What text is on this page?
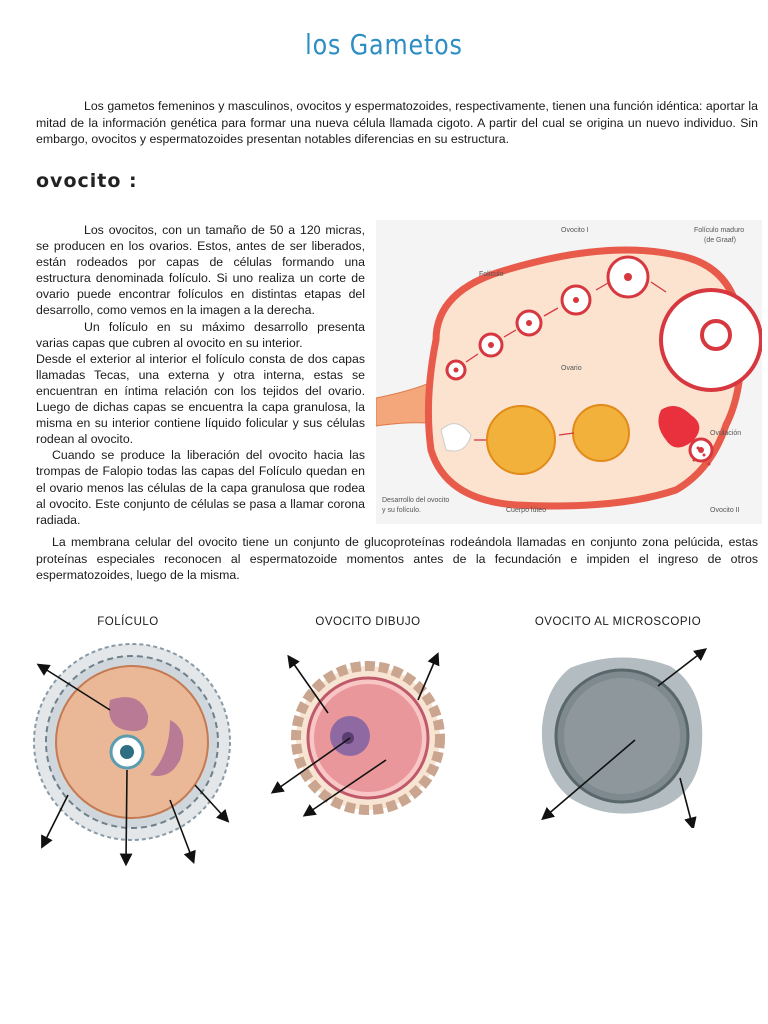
los Gametos

Los gametos femeninos y masculinos, ovocitos y espermatozoides, respectivamente, tienen una función idéntica: aportar la mitad de la información genética para formar una nueva célula llamada cigoto. A partir del cual se origina un nuevo individuo. Sin embargo, ovocitos y espermatozoides presentan notables diferencias en su estructura.

ovocito :

Los ovocitos, con un tamaño de 50 a 120 micras, se producen en los ovarios. Estos, antes de ser liberados, están rodeados por capas de células formando una estructura denominada folículo. Si uno realiza un corte de ovario puede encontrar folículos en distintas etapas del desarrollo, como vemos en la imagen a la derecha.

Un folículo en su máximo desarrollo presenta varias capas que cubren al ovocito en su interior.

Desde el exterior al interior el folículo consta de dos capas llamadas Tecas, una externa y otra interna, estas se encuentran en íntima relación con los tejidos del ovario. Luego de dichas capas se encuentra la capa granulosa, la misma en su interior contiene líquido folicular y sus células rodean al ovocito.

Cuando se produce la liberación del ovocito hacia las trompas de Falopio todas las capas del Folículo quedan en el ovario menos las células de la capa granulosa que rodea al ovocito. Este conjunto de células se pasa a llamar corona radiada.

Ovocito I	Folículo maduro
(de Graaf)
Folículo
Ovario
Ovulación
Ovocito II
Cuerpo lúteo
Desarrollo del ovocito
y su folículo.

La membrana celular del ovocito tiene un conjunto de glucoproteínas rodeándola llamadas en conjunto zona pelúcida, estas proteínas especiales reconocen al espermatozoide momentos antes de la fecundación e impiden el ingreso de otros espermatozoides, luego de la misma.

FOLÍCULO	OVOCITO DIBUJO	OVOCITO AL MICROSCOPIO
